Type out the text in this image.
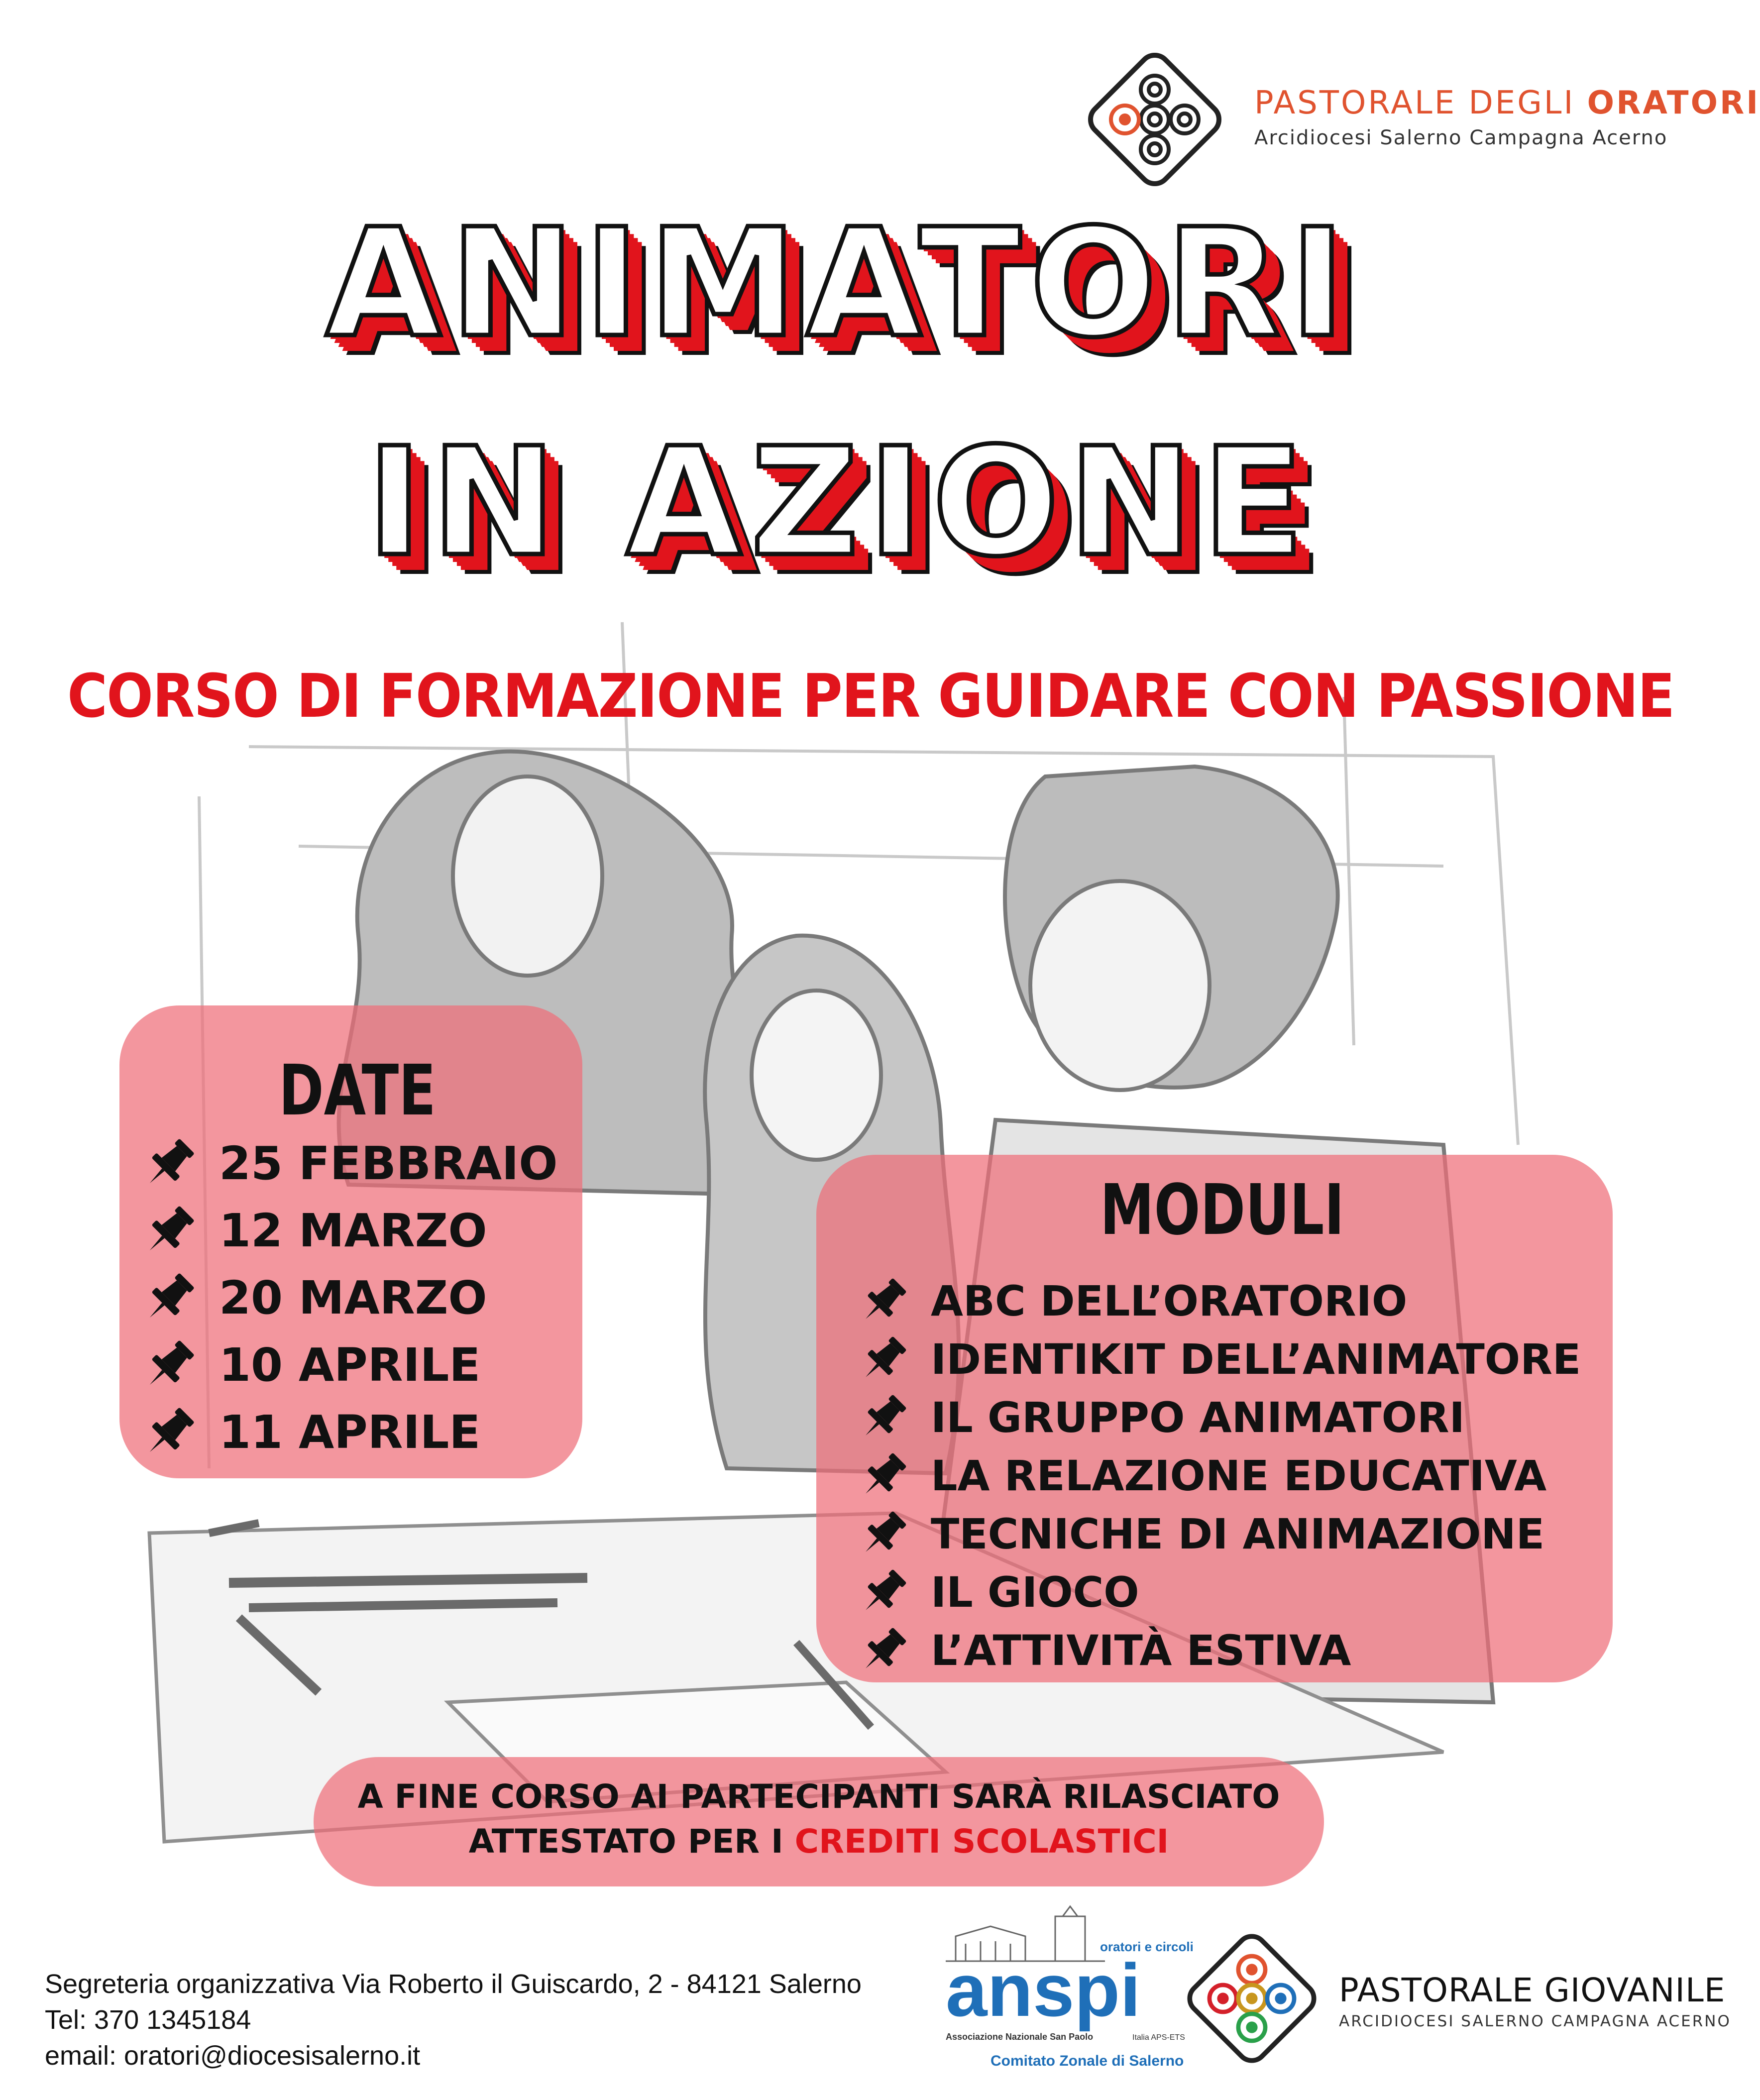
PASTORALE DEGLI ORATORI
Arcidiocesi Salerno Campagna Acerno
ANIMATORI
IN AZIONE
CORSO DI FORMAZIONE PER GUIDARE CON PASSIONE
DATE
25 FEBBRAIO
12 MARZO
20 MARZO
10 APRILE
11 APRILE
MODULI
ABC DELL’ORATORIO
IDENTIKIT DELL’ANIMATORE
IL GRUPPO ANIMATORI
LA RELAZIONE EDUCATIVA
TECNICHE DI ANIMAZIONE
IL GIOCO
L’ATTIVITÀ ESTIVA
A FINE CORSO AI PARTECIPANTI SARÀ RILASCIATO
ATTESTATO PER I CREDITI SCOLASTICI
Segreteria organizzativa Via Roberto il Guiscardo, 2 - 84121 Salerno
Tel: 370 1345184
email: oratori@diocesisalerno.it
oratori e circoli
anspi
Associazione Nazionale San Paolo	Italia APS-ETS
Comitato Zonale di Salerno
PASTORALE GIOVANILE
ARCIDIOCESI SALERNO CAMPAGNA ACERNO
